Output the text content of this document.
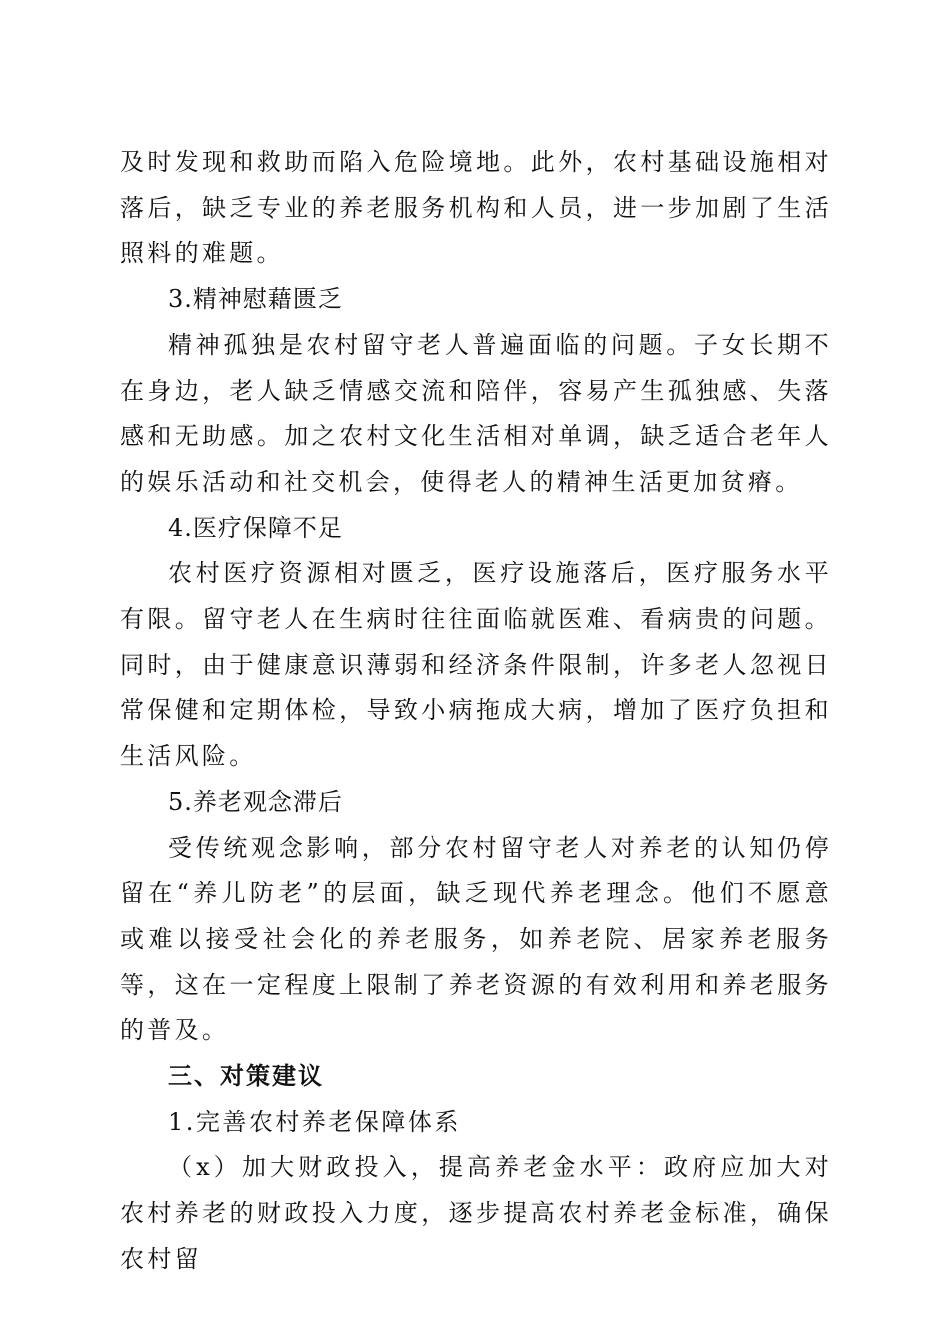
及时发现和救助而陷入危险境地。此外，农村基础设施相对落后，缺乏专业的养老服务机构和人员，进一步加剧了生活照料的难题。

3.精神慰藉匮乏

精神孤独是农村留守老人普遍面临的问题。子女长期不在身边，老人缺乏情感交流和陪伴，容易产生孤独感、失落感和无助感。加之农村文化生活相对单调，缺乏适合老年人的娱乐活动和社交机会，使得老人的精神生活更加贫瘠。

4.医疗保障不足

农村医疗资源相对匮乏，医疗设施落后，医疗服务水平有限。留守老人在生病时往往面临就医难、看病贵的问题。同时，由于健康意识薄弱和经济条件限制，许多老人忽视日常保健和定期体检，导致小病拖成大病，增加了医疗负担和生活风险。

5.养老观念滞后

受传统观念影响，部分农村留守老人对养老的认知仍停留在“养儿防老”的层面，缺乏现代养老理念。他们不愿意或难以接受社会化的养老服务，如养老院、居家养老服务等，这在一定程度上限制了养老资源的有效利用和养老服务的普及。

三、对策建议

1.完善农村养老保障体系

（x）加大财政投入，提高养老金水平：政府应加大对农村养老的财政投入力度，逐步提高农村养老金标准，确保农村留
